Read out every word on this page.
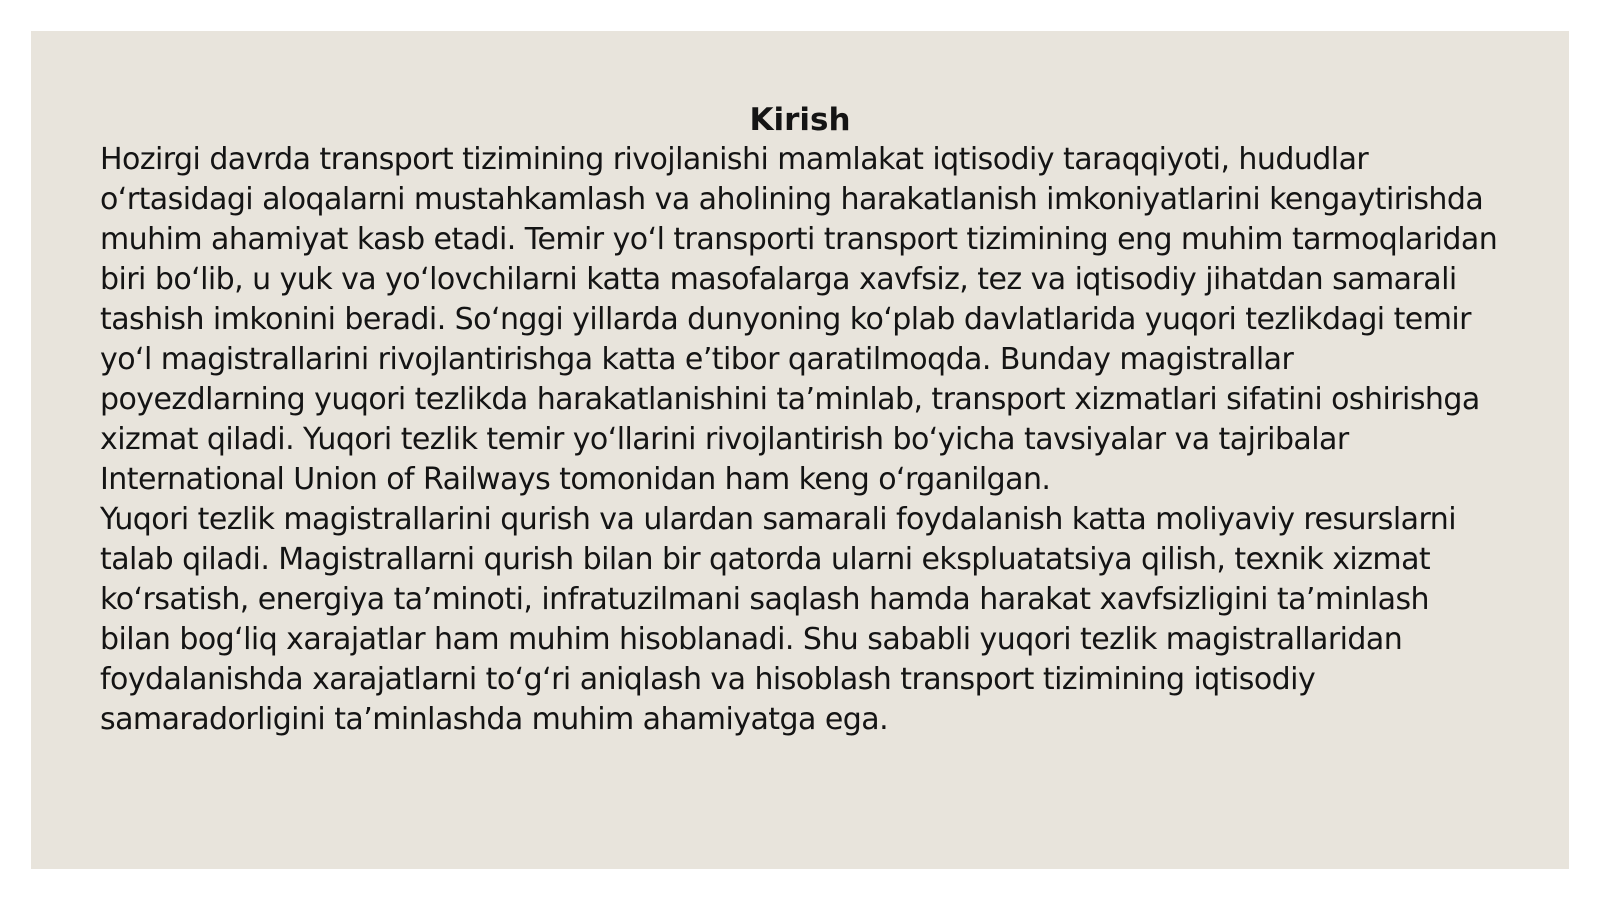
Kirish

Hozirgi davrda transport tizimining rivojlanishi mamlakat iqtisodiy taraqqiyoti, hududlar o‘rtasidagi aloqalarni mustahkamlash va aholining harakatlanish imkoniyatlarini kengaytirishda muhim ahamiyat kasb etadi. Temir yo‘l transporti transport tizimining eng muhim tarmoqlaridan biri bo‘lib, u yuk va yo‘lovchilarni katta masofalarga xavfsiz, tez va iqtisodiy jihatdan samarali tashish imkonini beradi. So‘nggi yillarda dunyoning ko‘plab davlatlarida yuqori tezlikdagi temir yo‘l magistrallarini rivojlantirishga katta e’tibor qaratilmoqda. Bunday magistrallar poyezdlarning yuqori tezlikda harakatlanishini ta’minlab, transport xizmatlari sifatini oshirishga xizmat qiladi. Yuqori tezlik temir yo‘llarini rivojlantirish bo‘yicha tavsiyalar va tajribalar International Union of Railways tomonidan ham keng o‘rganilgan.

Yuqori tezlik magistrallarini qurish va ulardan samarali foydalanish katta moliyaviy resurslarni talab qiladi. Magistrallarni qurish bilan bir qatorda ularni ekspluatatsiya qilish, texnik xizmat ko‘rsatish, energiya ta’minoti, infratuzilmani saqlash hamda harakat xavfsizligini ta’minlash bilan bog‘liq xarajatlar ham muhim hisoblanadi. Shu sababli yuqori tezlik magistrallaridan foydalanishda xarajatlarni to‘g‘ri aniqlash va hisoblash transport tizimining iqtisodiy samaradorligini ta’minlashda muhim ahamiyatga ega.
